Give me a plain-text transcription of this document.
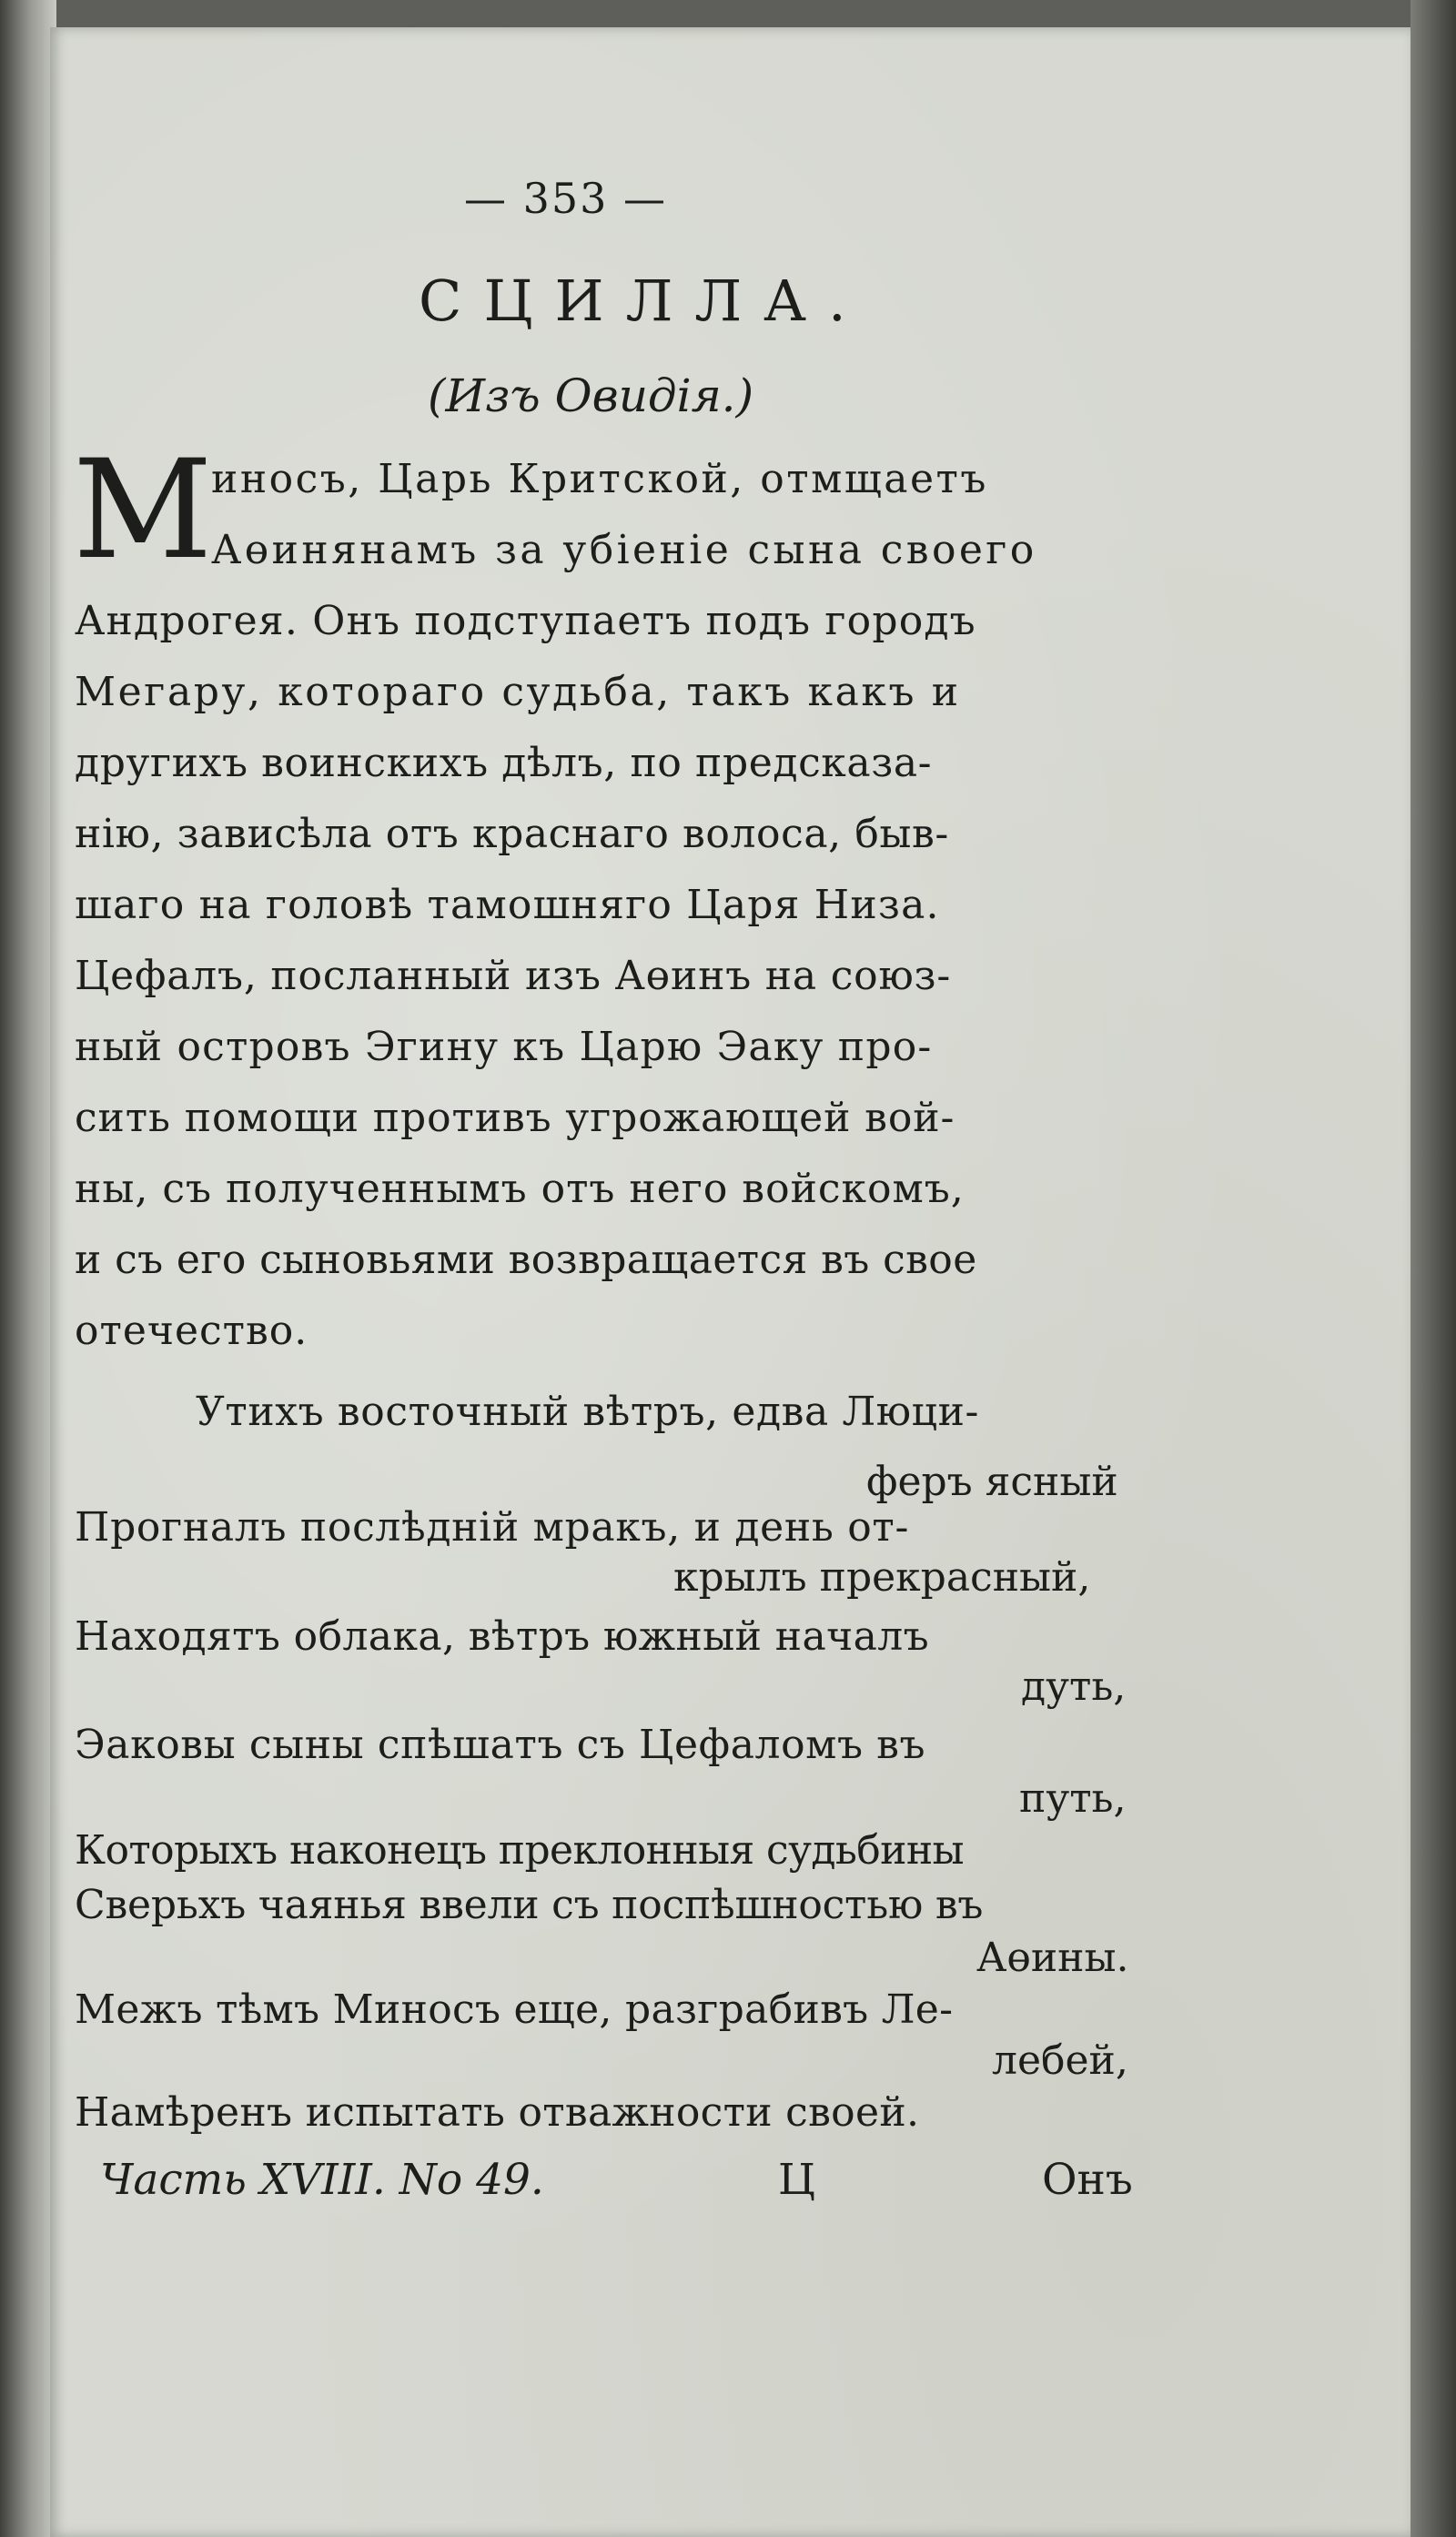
— 353 —
СЦИЛЛА.
(Изъ Овидія.)
М
иносъ, Царь Критской, отмщаетъ
Аөинянамъ за убіеніе сына своего
Андрогея. Онъ подступаетъ подъ городъ
Мегару, котораго судьба, такъ какъ и
другихъ воинскихъ дѣлъ, по предсказа-
нію, зависѣла отъ краснаго волоса, быв-
шаго на головѣ тамошняго Царя Низа.
Цефалъ, посланный изъ Аөинъ на союз-
ный островъ Эгину къ Царю Эаку про-
сить помощи противъ угрожающей вой-
ны, съ полученнымъ отъ него войскомъ,
и съ его сыновьями возвращается въ свое
отечество.
Утихъ восточный вѣтръ, едва Люци-
феръ ясный
Прогналъ послѣдній мракъ, и день от-
крылъ прекрасный,
Находятъ облака, вѣтръ южный началъ
дуть,
Эаковы сыны спѣшатъ съ Цефаломъ въ
путь,
Которыхъ наконецъ преклонныя судьбины
Сверьхъ чаянья ввели съ поспѣшностью въ
Аөины.
Межъ тѣмъ Миносъ еще, разграбивъ Ле-
лебей,
Намѣренъ испытать отважности своей.
Часть XVIII. No 49.	Ц	Онъ
